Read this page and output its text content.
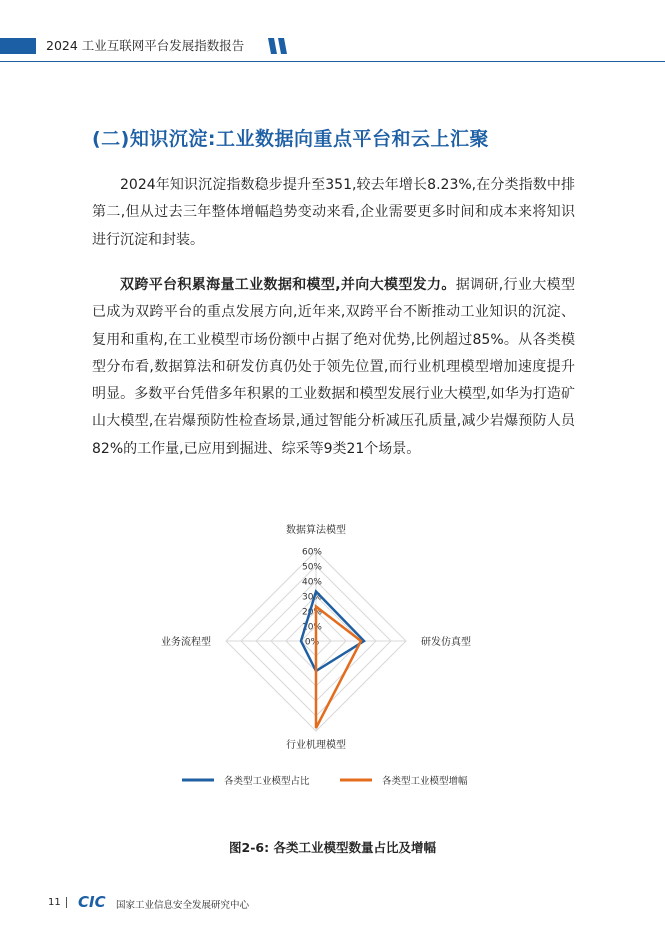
2024 工业互联网平台发展指数报告
(二)知识沉淀:工业数据向重点平台和云上汇聚

2024年知识沉淀指数稳步提升至351,较去年增长8.23%,在分类指数中排第二,但从过去三年整体增幅趋势变动来看,企业需要更多时间和成本来将知识进行沉淀和封装。

双跨平台积累海量工业数据和模型,并向大模型发力。据调研,行业大模型已成为双跨平台的重点发展方向,近年来,双跨平台不断推动工业知识的沉淀、复用和重构,在工业模型市场份额中占据了绝对优势,比例超过85%。从各类模型分布看,数据算法和研发仿真仍处于领先位置,而行业机理模型增加速度提升明显。多数平台凭借多年积累的工业数据和模型发展行业大模型,如华为打造矿山大模型,在岩爆预防性检查场景,通过智能分析减压孔质量,减少岩爆预防人员82%的工作量,已应用到掘进、综采等9类21个场景。

0%
10%
20%
30%
40%
50%
60%
数据算法模型
研发仿真型
行业机理模型
业务流程型
各类型工业模型占比	各类型工业模型增幅
图2-6: 各类工业模型数量占比及增幅
11 CIC 国家工业信息安全发展研究中心
